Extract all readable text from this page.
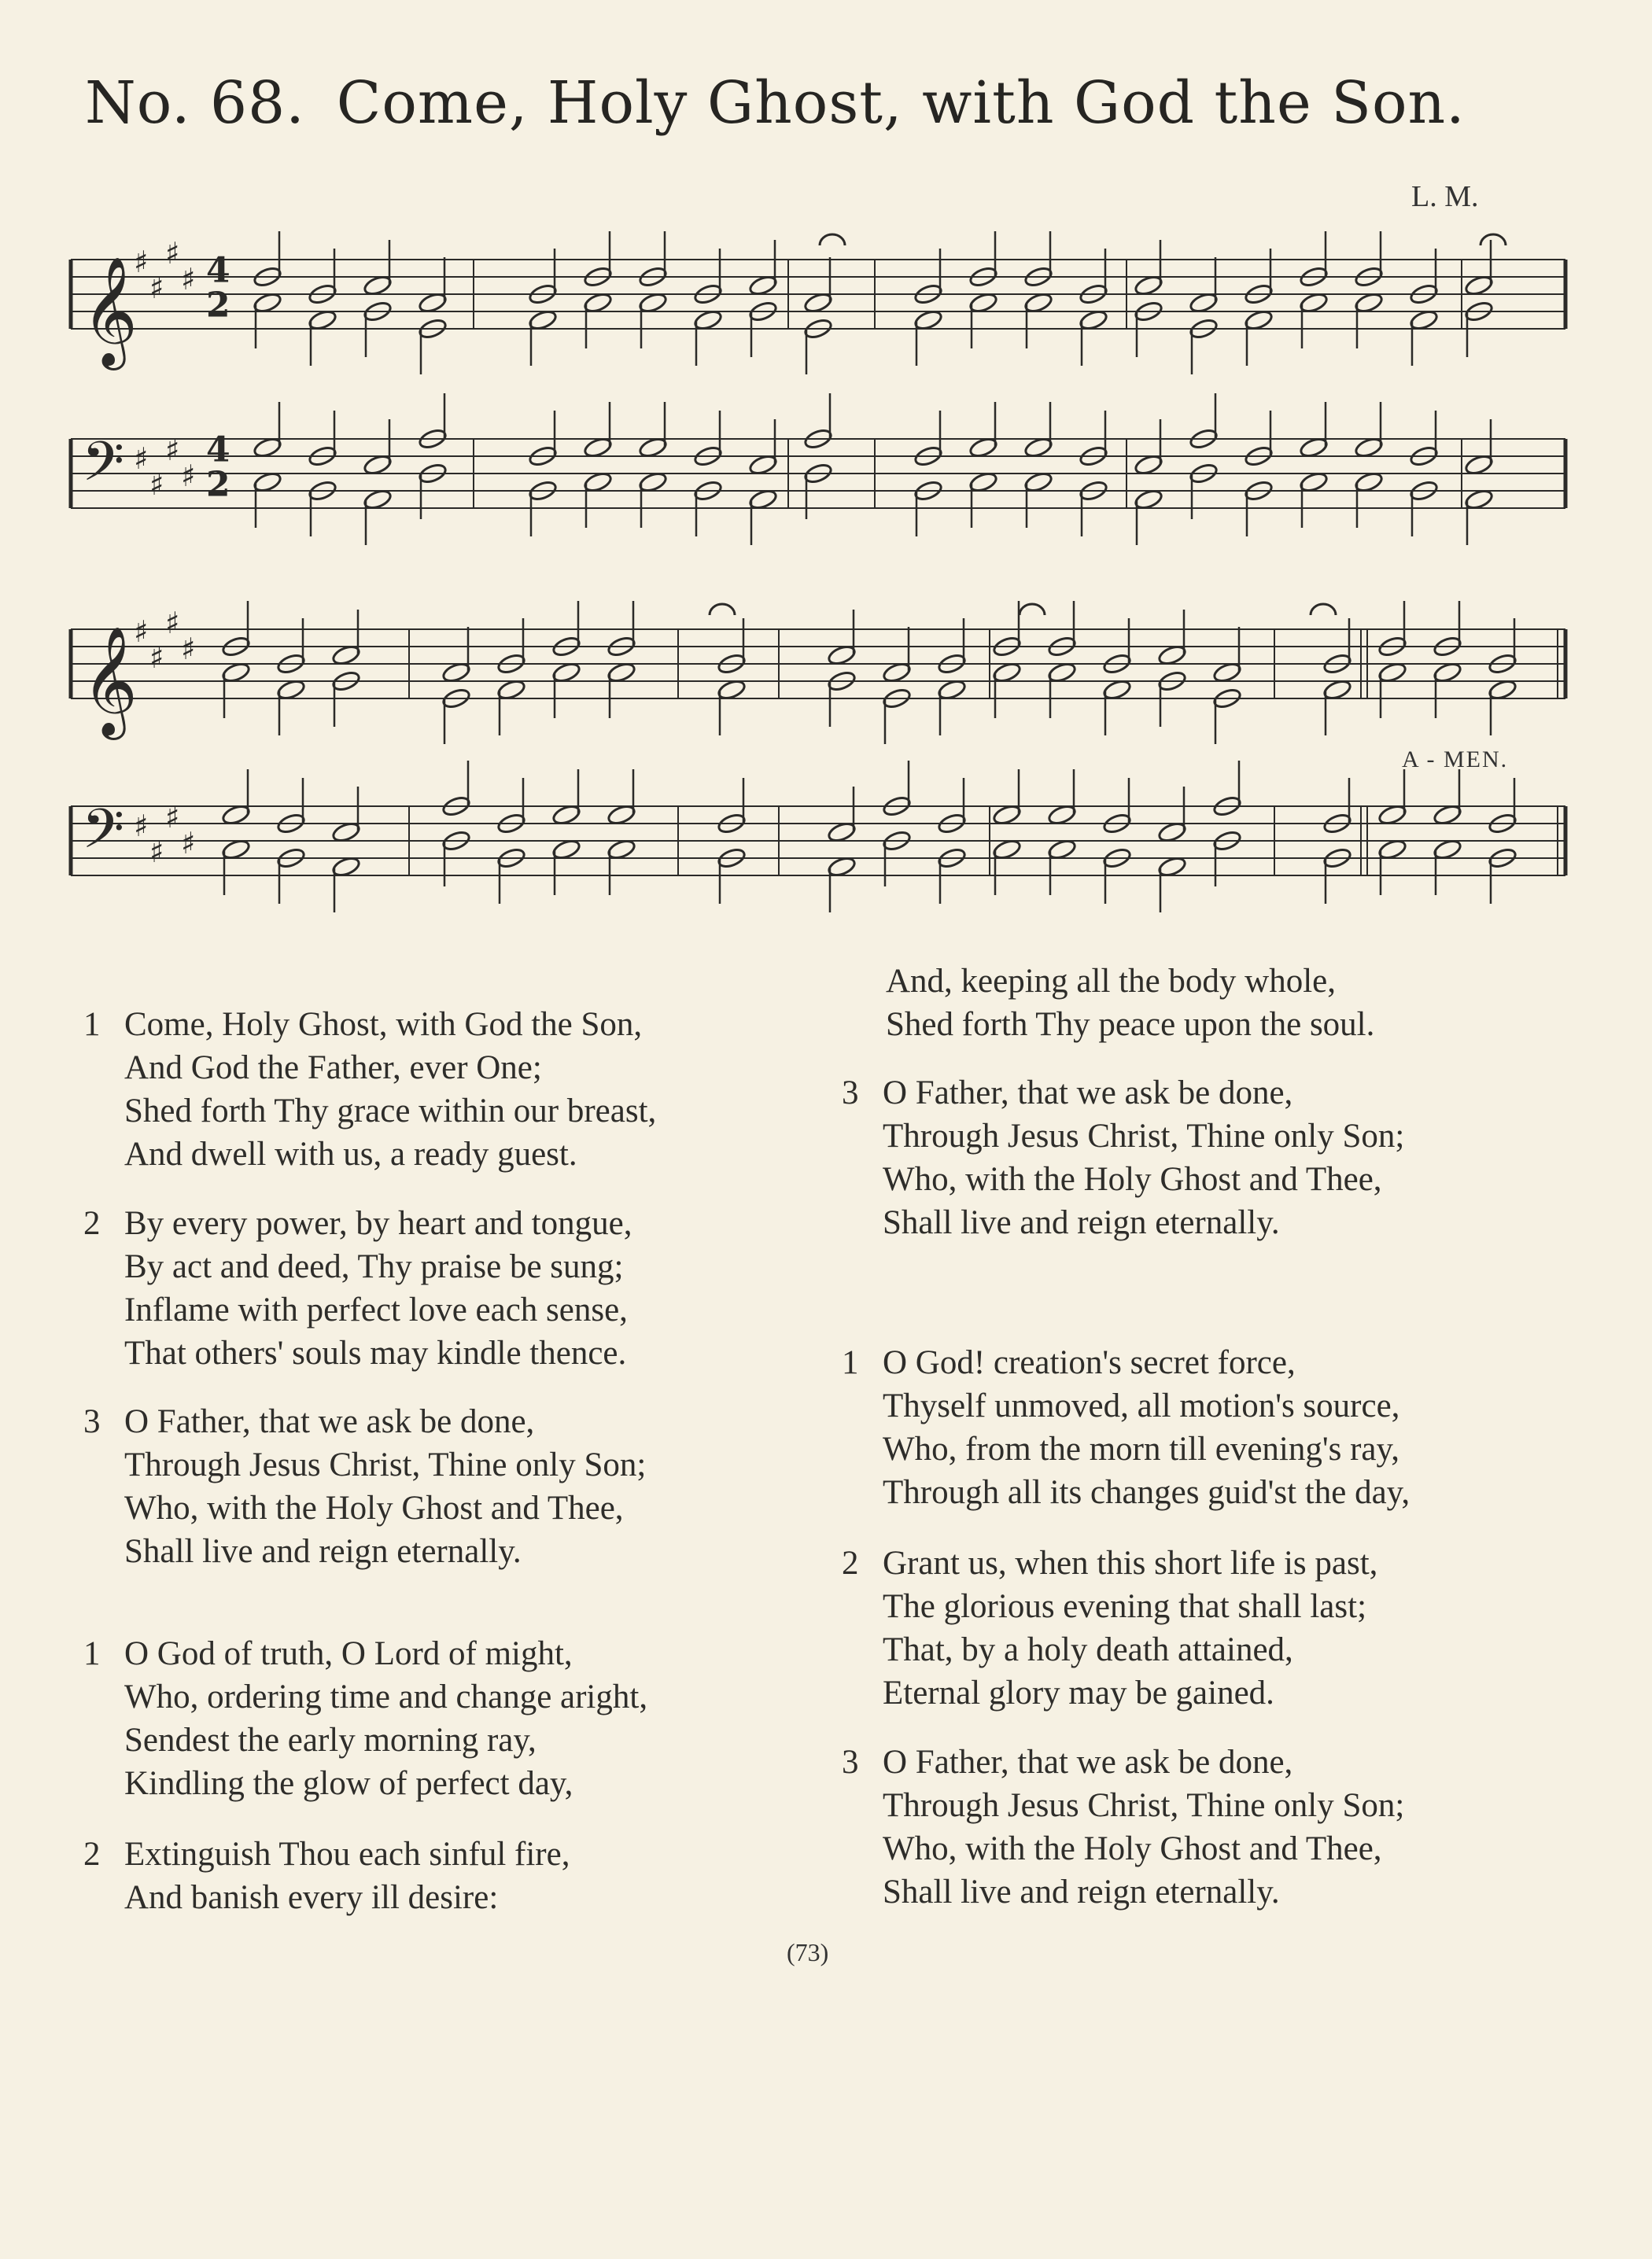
No. 68. Come, Holy Ghost, with God the Son.
L. M.
𝄞
𝄢
♯
♯
♯
♯
♯
♯
♯
♯
4
2
4
2
𝄞
𝄢
♯
♯
♯
♯
♯
♯
♯
♯
A - MEN.
1 Come, Holy Ghost, with God the Son,
And God the Father, ever One;
Shed forth Thy grace within our breast,
And dwell with us, a ready guest.
2 By every power, by heart and tongue,
By act and deed, Thy praise be sung;
Inflame with perfect love each sense,
That others' souls may kindle thence.
3 O Father, that we ask be done,
Through Jesus Christ, Thine only Son;
Who, with the Holy Ghost and Thee,
Shall live and reign eternally.
1 O God of truth, O Lord of might,
Who, ordering time and change aright,
Sendest the early morning ray,
Kindling the glow of perfect day,
2 Extinguish Thou each sinful fire,
And banish every ill desire:
And, keeping all the body whole,
Shed forth Thy peace upon the soul.
3 O Father, that we ask be done,
Through Jesus Christ, Thine only Son;
Who, with the Holy Ghost and Thee,
Shall live and reign eternally.
1 O God! creation's secret force,
Thyself unmoved, all motion's source,
Who, from the morn till evening's ray,
Through all its changes guid'st the day,
2 Grant us, when this short life is past,
The glorious evening that shall last;
That, by a holy death attained,
Eternal glory may be gained.
3 O Father, that we ask be done,
Through Jesus Christ, Thine only Son;
Who, with the Holy Ghost and Thee,
Shall live and reign eternally.
(73)
